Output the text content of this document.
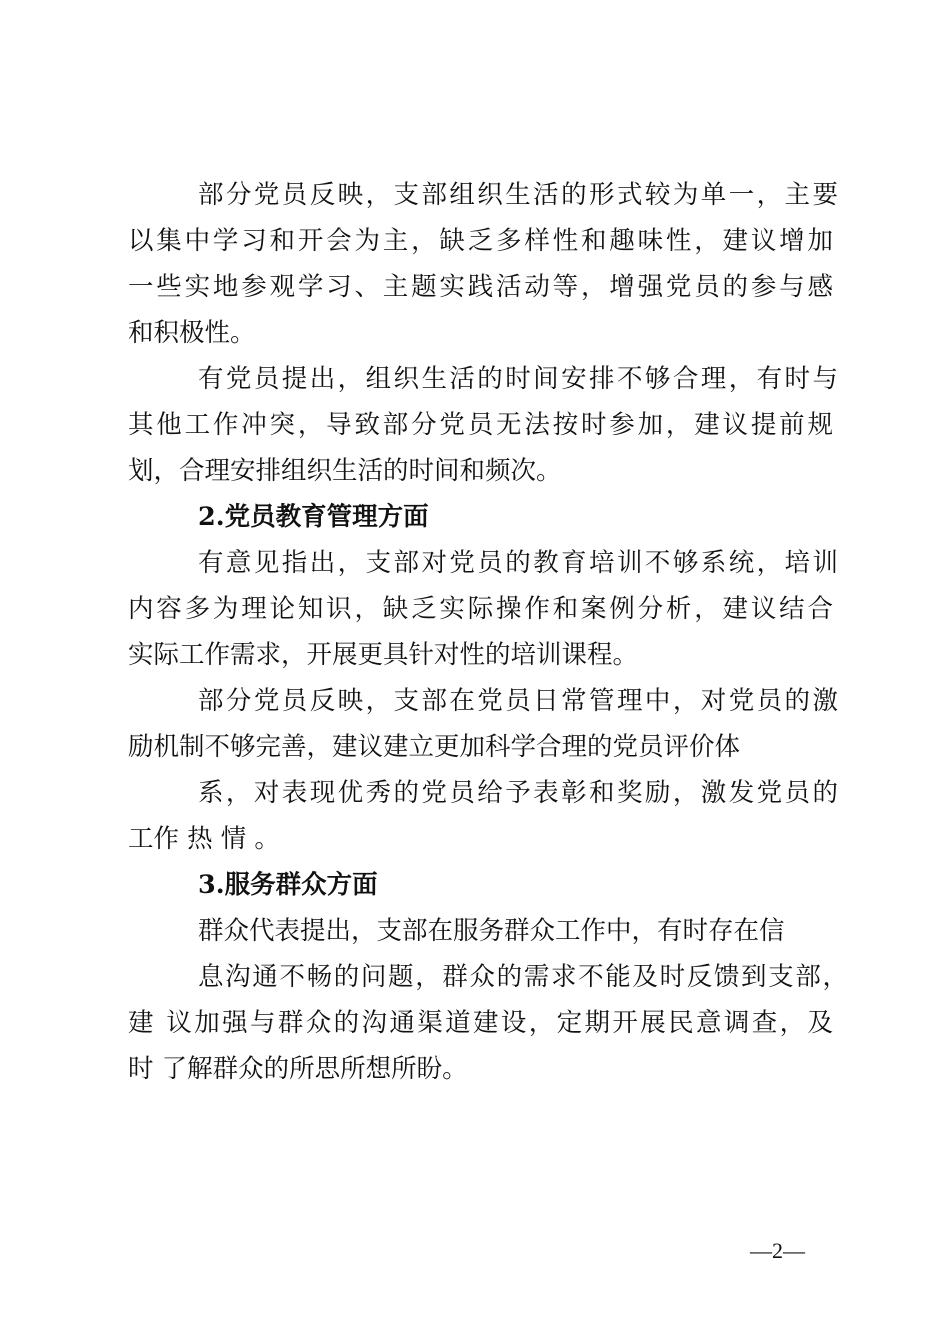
部分党员反映，支部组织生活的形式较为单一，主要
以集中学习和开会为主，缺乏多样性和趣味性，建议增加
一些实地参观学习、主题实践活动等，增强党员的参与感
和积极性。
有党员提出，组织生活的时间安排不够合理，有时与
其他工作冲突，导致部分党员无法按时参加，建议提前规
划，合理安排组织生活的时间和频次。
2.党员教育管理方面
有意见指出，支部对党员的教育培训不够系统，培训
内容多为理论知识，缺乏实际操作和案例分析，建议结合
实际工作需求，开展更具针对性的培训课程。
部分党员反映，支部在党员日常管理中，对党员的激
励机制不够完善，建议建立更加科学合理的党员评价体
系，对表现优秀的党员给予表彰和奖励，激发党员的
工作 热 情 。
3.服务群众方面
群众代表提出，支部在服务群众工作中，有时存在信
息沟通不畅的问题，群众的需求不能及时反馈到支部，
建 议加强与群众的沟通渠道建设，定期开展民意调查，及
时 了解群众的所思所想所盼。
—2—
